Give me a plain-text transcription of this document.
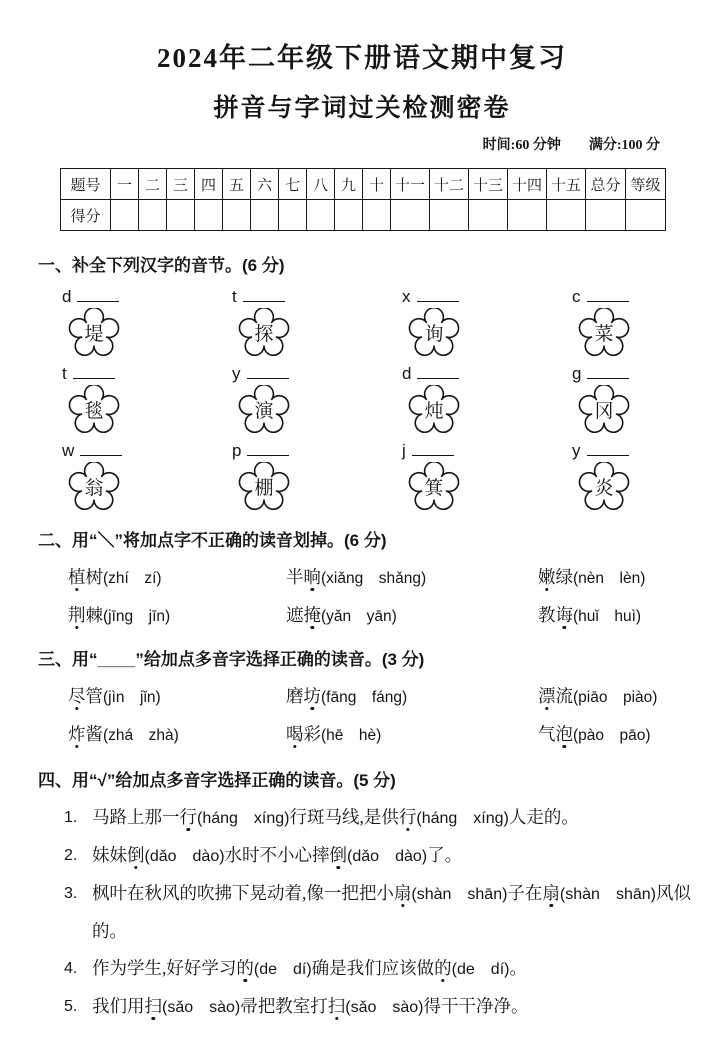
2024年二年级下册语文期中复习
拼音与字词过关检测密卷
时间:60 分钟 满分:100 分
题号	一	二	三	四	五	六	七	八	九	十	十一	十二	十三	十四	十五	总分	等级
得分																	
一、补全下列汉字的音节。(6 分)
d
堤
t
探
x
询
c
菜
t
毯
y
演
d
炖
g
冈
w
翁
p
棚
j
箕
y
炎
二、用“＼”将加点字不正确的读音划掉。(6 分)
植树(zhí zí)	半晌(xiǎng shǎng)	嫩绿(nèn lèn)
荆棘(jīng jīn)	遮掩(yǎn yān)	教诲(huǐ huì)
三、用“____”给加点多音字选择正确的读音。(3 分)
尽管(jìn jǐn)	磨坊(fāng fáng)	漂流(piāo piào)
炸酱(zhá zhà)	喝彩(hē hè)	气泡(pào pāo)
四、用“√”给加点多音字选择正确的读音。(5 分)
1. 马路上那一行(háng xíng)行斑马线,是供行(háng xíng)人走的。
2. 妹妹倒(dǎo dào)水时不小心摔倒(dǎo dào)了。
3. 枫叶在秋风的吹拂下晃动着,像一把把小扇(shàn shān)子在扇(shàn shān)风似的。
4. 作为学生,好好学习的(de dí)确是我们应该做的(de dí)。
5. 我们用扫(sǎo sào)帚把教室打扫(sǎo sào)得干干净净。
